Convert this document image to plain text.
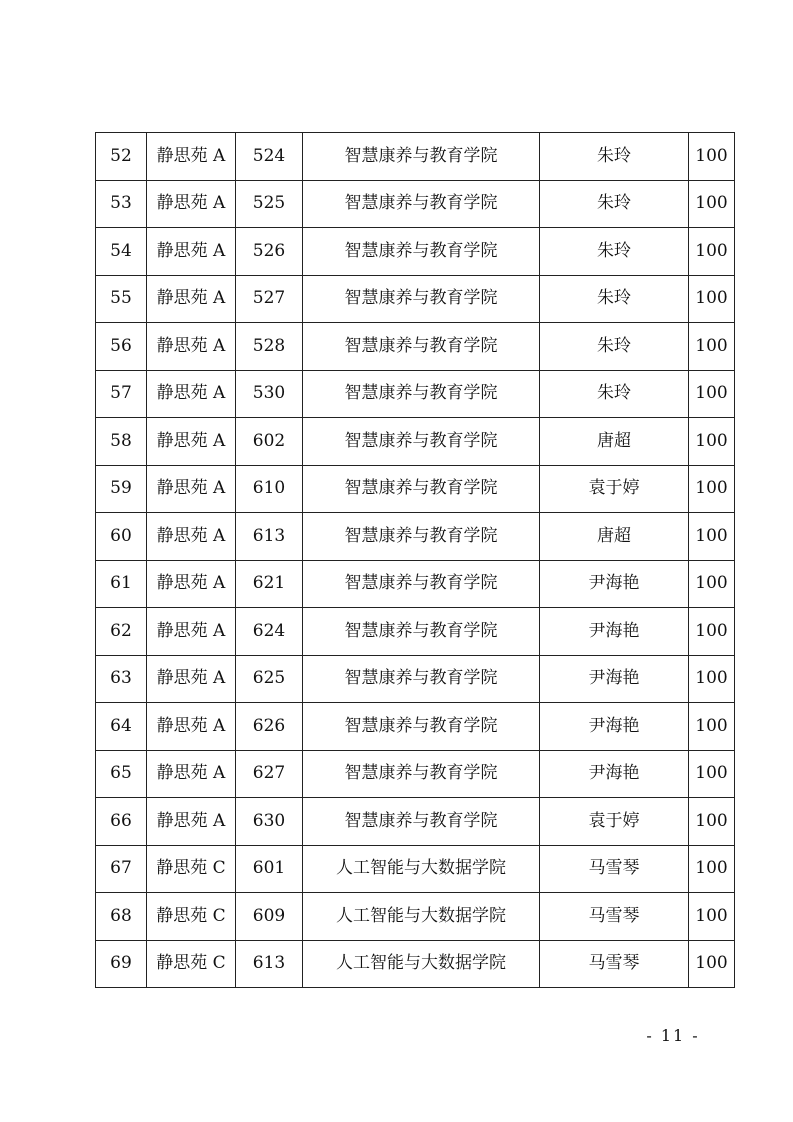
52	静思苑 A	524	智慧康养与教育学院	朱玲	100
53	静思苑 A	525	智慧康养与教育学院	朱玲	100
54	静思苑 A	526	智慧康养与教育学院	朱玲	100
55	静思苑 A	527	智慧康养与教育学院	朱玲	100
56	静思苑 A	528	智慧康养与教育学院	朱玲	100
57	静思苑 A	530	智慧康养与教育学院	朱玲	100
58	静思苑 A	602	智慧康养与教育学院	唐超	100
59	静思苑 A	610	智慧康养与教育学院	袁于婷	100
60	静思苑 A	613	智慧康养与教育学院	唐超	100
61	静思苑 A	621	智慧康养与教育学院	尹海艳	100
62	静思苑 A	624	智慧康养与教育学院	尹海艳	100
63	静思苑 A	625	智慧康养与教育学院	尹海艳	100
64	静思苑 A	626	智慧康养与教育学院	尹海艳	100
65	静思苑 A	627	智慧康养与教育学院	尹海艳	100
66	静思苑 A	630	智慧康养与教育学院	袁于婷	100
67	静思苑 C	601	人工智能与大数据学院	马雪琴	100
68	静思苑 C	609	人工智能与大数据学院	马雪琴	100
69	静思苑 C	613	人工智能与大数据学院	马雪琴	100
- 11 -
